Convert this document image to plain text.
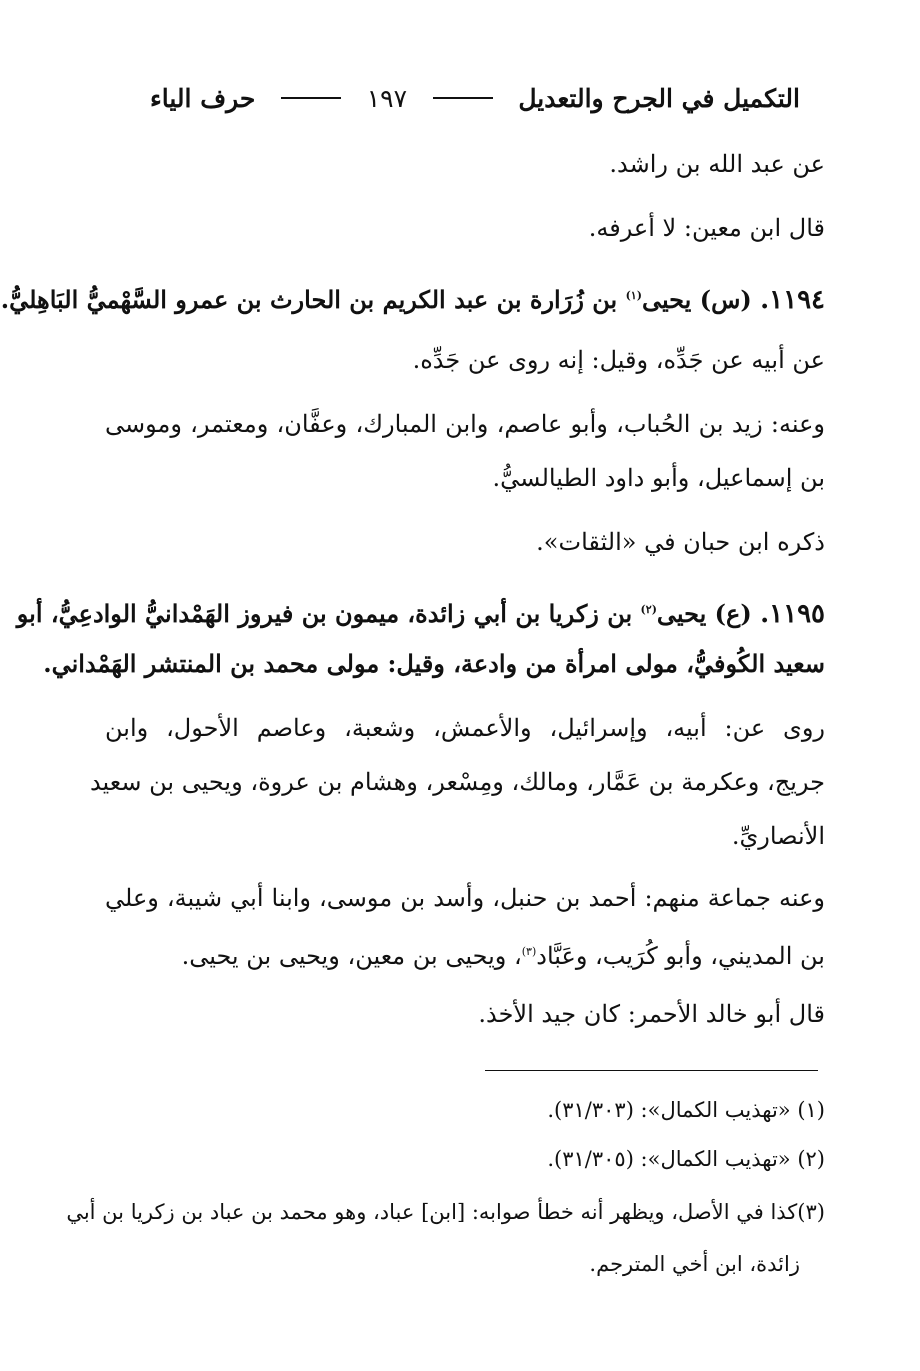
التكميل في الجرح والتعديل
١٩٧
حرف الياء
عن عبد الله بن راشد.
قال ابن معين: لا أعرفه.
١١٩٤. (س) يحيى$^{(١)}$ بن زُرَارة بن عبد الكريم بن الحارث بن عمرو السَّهْميُّ البَاهِليُّ.
عن أبيه عن جَدِّه، وقيل: إنه روى عن جَدِّه.
وعنه: زيد بن الحُباب، وأبو عاصم، وابن المبارك، وعفَّان، ومعتمر، وموسى
بن إسماعيل، وأبو داود الطيالسيُّ.
ذكره ابن حبان في «الثقات».
١١٩٥. (ع) يحيى$^{(٢)}$ بن زكريا بن أبي زائدة، ميمون بن فيروز الهَمْدانيُّ الوادعِيُّ، أبو
سعيد الكُوفيُّ، مولى امرأة من وادعة، وقيل: مولى محمد بن المنتشر الهَمْداني.
روى عن: أبيه، وإسرائيل، والأعمش، وشعبة، وعاصم الأحول، وابن
جريج، وعكرمة بن عَمَّار، ومالك، ومِسْعر، وهشام بن عروة، ويحيى بن سعيد
الأنصاريِّ.
وعنه جماعة منهم: أحمد بن حنبل، وأسد بن موسى، وابنا أبي شيبة، وعلي
بن المديني، وأبو كُرَيب، وعَبَّاد$^{(٣)}$، ويحيى بن معين، ويحيى بن يحيى.
قال أبو خالد الأحمر: كان جيد الأخذ.
(١) «تهذيب الكمال»: (٣١/٣٠٣).
(٢) «تهذيب الكمال»: (٣١/٣٠٥).
(٣)كذا في الأصل، ويظهر أنه خطأ صوابه: [ابن] عباد، وهو محمد بن عباد بن زكريا بن أبي
زائدة، ابن أخي المترجم.
